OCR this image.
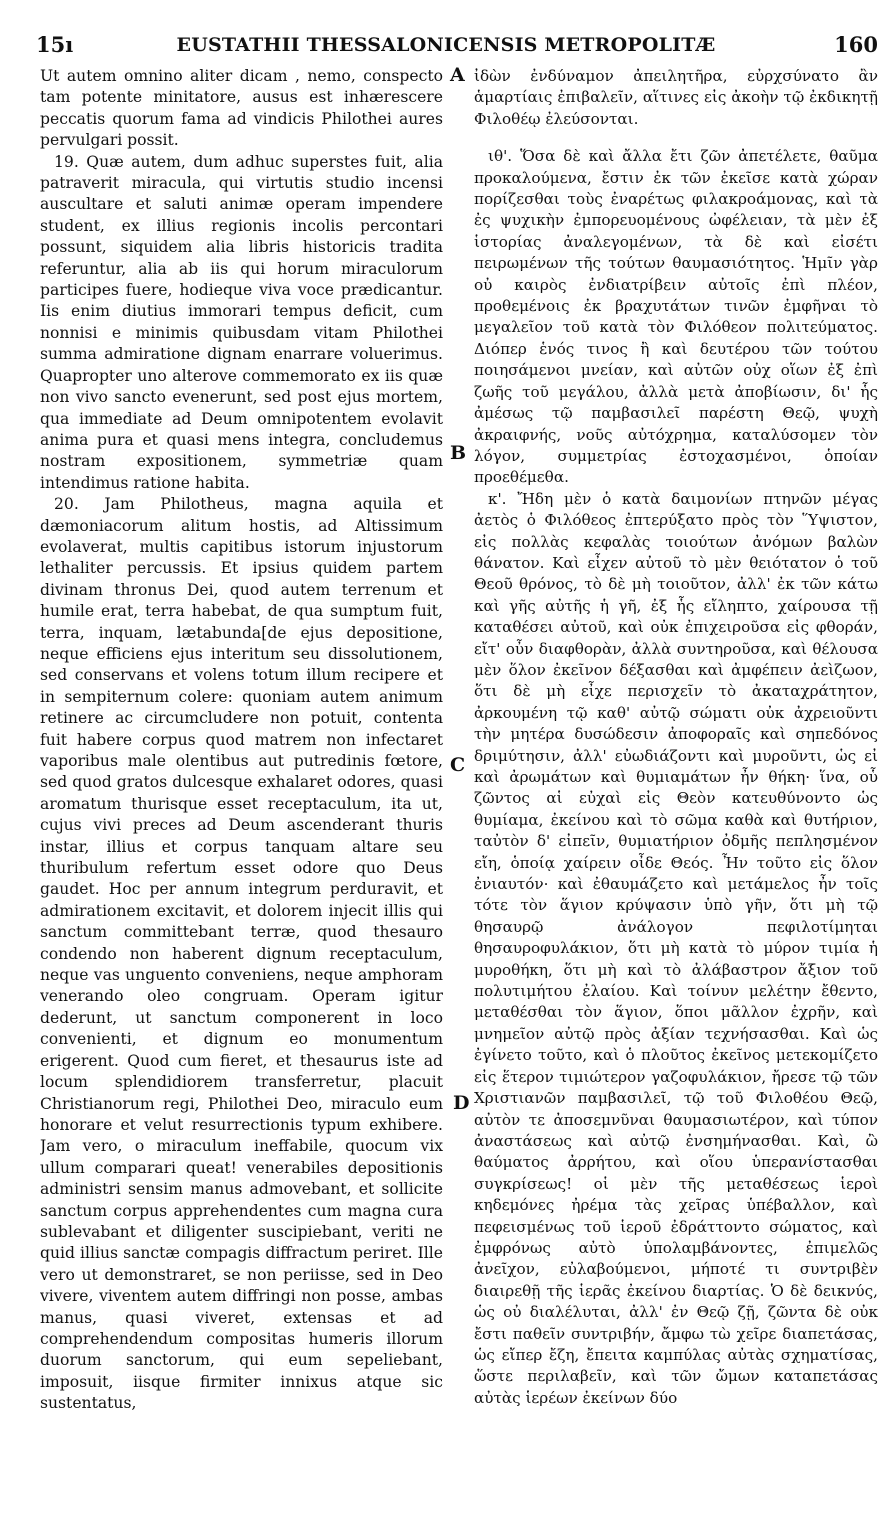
15ı	EUSTATHII THESSALONICENSIS METROPOLITÆ	160

Ut autem omnino aliter dicam , nemo, conspecto tam potente minitatore, ausus est inhærescere peccatis quorum fama ad vindicis Philothei aures pervulgari possit.

19. Quæ autem, dum adhuc superstes fuit, alia patraverit miracula, qui virtutis studio incensi auscultare et saluti animæ operam impendere student, ex illius regionis incolis percontari possunt, siquidem alia libris historicis tradita referuntur, alia ab iis qui horum miraculorum participes fuere, hodieque viva voce prædicantur. Iis enim diutius immorari tempus deficit, cum nonnisi e minimis quibusdam vitam Philothei summa admiratione dignam enarrare voluerimus. Quapropter uno alterove commemorato ex iis quæ non vivo sancto evenerunt, sed post ejus mortem, qua immediate ad Deum omnipotentem evolavit anima pura et quasi mens integra, concludemus nostram expositionem, symmetriæ quam intendimus ratione habita.

20. Jam Philotheus, magna aquila et dæmoniacorum alitum hostis, ad Altissimum evolaverat, multis capitibus istorum injustorum lethaliter percussis. Et ipsius quidem partem divinam thronus Dei, quod autem terrenum et humile erat, terra habebat, de qua sumptum fuit, terra, inquam, lætabunda[de ejus depositione, neque efficiens ejus interitum seu dissolutionem, sed conservans et volens totum illum recipere et in sempiternum colere: quoniam autem animum retinere ac circumcludere non potuit, contenta fuit habere corpus quod matrem non infectaret vaporibus male olentibus aut putredinis fœtore, sed quod gratos dulcesque exhalaret odores, quasi aromatum thurisque esset receptaculum, ita ut, cujus vivi preces ad Deum ascenderant thuris instar, illius et corpus tanquam altare seu thuribulum refertum esset odore quo Deus gaudet. Hoc per annum integrum perduravit, et admirationem excitavit, et dolorem injecit illis qui sanctum committebant terræ, quod thesauro condendo non haberent dignum receptaculum, neque vas unguento conveniens, neque amphoram venerando oleo congruam. Operam igitur dederunt, ut sanctum componerent in loco convenienti, et dignum eo monumentum erigerent. Quod cum fieret, et thesaurus iste ad locum splendidiorem transferretur, placuit Christianorum regi, Philothei Deo, miraculo eum honorare et velut resurrectionis typum exhibere. Jam vero, o miraculum ineffabile, quocum vix ullum comparari queat! venerabiles depositionis administri sensim manus admovebant, et sollicite sanctum corpus apprehendentes cum magna cura sublevabant et diligenter suscipiebant, veriti ne quid illius sanctæ compagis diffractum periret. Ille vero ut demonstraret, se non periisse, sed in Deo vivere, viventem autem diffringi non posse, ambas manus, quasi viveret, extensas et ad comprehendendum compositas humeris illorum duorum sanctorum, qui eum sepeliebant, imposuit, iisque firmiter innixus atque sic sustentatus,

ἰδὼν ἐνδύναμον ἀπειλητῆρα, εὐρχσύνατο ἂν ἁμαρτίαις ἐπιβαλεῖν, αἵτινες εἰς ἀκοὴν τῷ ἐκδικητῇ Φιλοθέῳ ἐλεύσονται.

ιθ'. Ὅσα δὲ καὶ ἄλλα ἔτι ζῶν ἀπετέλετε, θαῦμα προκαλούμενα, ἔστιν ἐκ τῶν ἐκεῖσε κατὰ χώραν πορίζεσθαι τοὺς ἐναρέτως φιλακροάμονας, καὶ τὰ ἐς ψυχικὴν ἐμπορευομένους ὠφέλειαν, τὰ μὲν ἐξ ἱστορίας ἀναλεγομένων, τὰ δὲ καὶ εἰσέτι πειρωμένων τῆς τούτων θαυμασιότητος. Ἡμῖν γὰρ οὐ καιρὸς ἐνδιατρίβειν αὐτοῖς ἐπὶ πλέον, προθεμένοις ἐκ βραχυτάτων τινῶν ἐμφῆναι τὸ μεγαλεῖον τοῦ κατὰ τὸν Φιλόθεον πολιτεύματος. Διόπερ ἑνός τινος ἢ καὶ δευτέρου τῶν τούτου ποιησάμενοι μνείαν, καὶ αὐτῶν οὐχ οἵων ἐξ ἐπὶ ζωῆς τοῦ μεγάλου, ἀλλὰ μετὰ ἀποβίωσιν, δι' ἧς ἀμέσως τῷ παμβασιλεῖ παρέστη Θεῷ, ψυχὴ ἀκραιφνής, νοῦς αὐτόχρημα, καταλύσομεν τὸν λόγον, συμμετρίας ἐστοχασμένοι, ὁποίαν προεθέμεθα.

κ'. Ἤδη μὲν ὁ κατὰ δαιμονίων πτηνῶν μέγας ἀετὸς ὁ Φιλόθεος ἐπτερύξατο πρὸς τὸν Ὕψιστον, εἰς πολλὰς κεφαλὰς τοιούτων ἀνόμων βαλὼν θάνατον. Καὶ εἶχεν αὐτοῦ τὸ μὲν θειότατον ὁ τοῦ Θεοῦ θρόνος, τὸ δὲ μὴ τοιοῦτον, ἀλλ' ἐκ τῶν κάτω καὶ γῆς αὐτῆς ἡ γῆ, ἐξ ἧς εἴληπτο, χαίρουσα τῇ καταθέσει αὐτοῦ, καὶ οὐκ ἐπιχειροῦσα εἰς φθοράν, εἴτ' οὖν διαφθορὰν, ἀλλὰ συντηροῦσα, καὶ θέλουσα μὲν ὅλον ἐκεῖνον δέξασθαι καὶ ἀμφέπειν ἀεὶζωον, ὅτι δὲ μὴ εἶχε περισχεῖν τὸ ἀκαταχράτητον, ἀρκουμένη τῷ καθ' αὐτῷ σώματι οὐκ ἀχρειοῦντι τὴν μητέρα δυσώδεσιν ἀποφοραῖς καὶ σηπεδόνος δριμύτησιν, ἀλλ' εὐωδιάζοντι καὶ μυροῦντι, ὡς εἰ καὶ ἀρωμάτων καὶ θυμιαμάτων ἦν θήκη· ἵνα, οὗ ζῶντος αἱ εὐχαὶ εἰς Θεὸν κατευθύνοντο ὡς θυμίαμα, ἐκείνου καὶ τὸ σῶμα καθὰ καὶ θυτήριον, ταὐτὸν δ' εἰπεῖν, θυμιατήριον ὀδμῆς πεπλησμένον εἴη, ὁποίᾳ χαίρειν οἶδε Θεός. Ἦν τοῦτο εἰς ὅλον ἐνιαυτόν· καὶ ἐθαυμάζετο καὶ μετάμελος ἦν τοῖς τότε τὸν ἅγιον κρύψασιν ὑπὸ γῆν, ὅτι μὴ τῷ θησαυρῷ ἀνάλογον πεφιλοτίμηται θησαυροφυλάκιον, ὅτι μὴ κατὰ τὸ μύρον τιμία ἡ μυροθήκη, ὅτι μὴ καὶ τὸ ἀλάβαστρον ἄξιον τοῦ πολυτιμήτου ἐλαίου. Καὶ τοίνυν μελέτην ἔθεντο, μεταθέσθαι τὸν ἅγιον, ὅποι μᾶλλον ἐχρῆν, καὶ μνημεῖον αὐτῷ πρὸς ἀξίαν τεχνήσασθαι. Καὶ ὡς ἐγίνετο τοῦτο, καὶ ὁ πλοῦτος ἐκεῖνος μετεκομίζετο εἰς ἕτερον τιμιώτερον γαζοφυλάκιον, ἤρεσε τῷ τῶν Χριστιανῶν παμβασιλεῖ, τῷ τοῦ Φιλοθέου Θεῷ, αὐτὸν τε ἀποσεμνῦναι θαυμασιωτέρον, καὶ τύπον ἀναστάσεως καὶ αὐτῷ ἐνσημήνασθαι. Καὶ, ὢ θαύματος ἀρρήτου, καὶ οἵου ὑπερανίστασθαι συγκρίσεως! οἱ μὲν τῆς μεταθέσεως ἱεροὶ κηδεμόνες ἠρέμα τὰς χεῖρας ὑπέβαλλον, καὶ πεφεισμένως τοῦ ἱεροῦ ἐδράττοντο σώματος, καὶ ἐμφρόνως αὐτὸ ὑπολαμβάνοντες, ἐπιμελῶς ἀνεῖχον, εὐλαβούμενοι, μήποτέ τι συντριβὲν διαιρεθῇ τῆς ἱερᾶς ἐκείνου διαρτίας. Ὁ δὲ δεικνύς, ὡς οὐ διαλέλυται, ἀλλ' ἐν Θεῷ ζῇ, ζῶντα δὲ οὐκ ἔστι παθεῖν συντριβήν, ἄμφω τὼ χεῖρε διαπετάσας, ὡς εἴπερ ἔζη, ἔπειτα καμπύλας αὐτὰς σχηματίσας, ὥστε περιλαβεῖν, καὶ τῶν ὤμων καταπετάσας αὐτὰς ἱερέων ἐκείνων δύο

A
B
C
D
